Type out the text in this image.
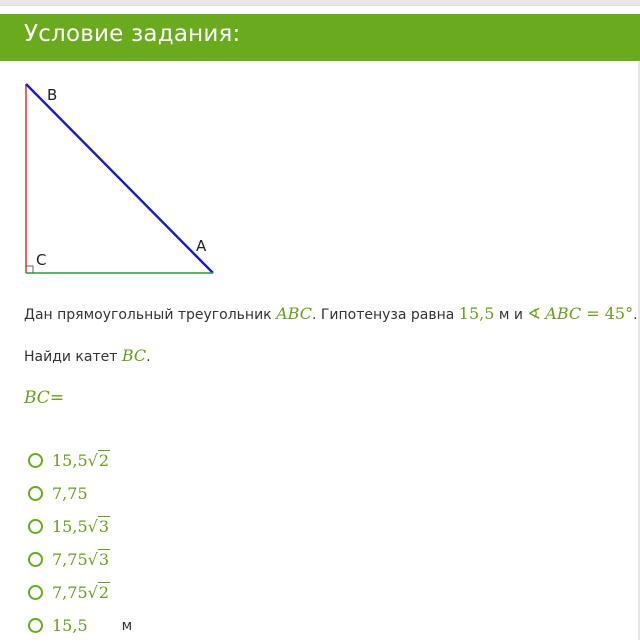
Условие задания:
B
A
C
Дан прямоугольный треугольник ABC. Гипотенуза равна 15,5 м и ∢ ABC = 45°.
Найди катет BC.
BC=
15,5√2
7,75
15,5√3
7,75√3
7,75√2
15,5 м
